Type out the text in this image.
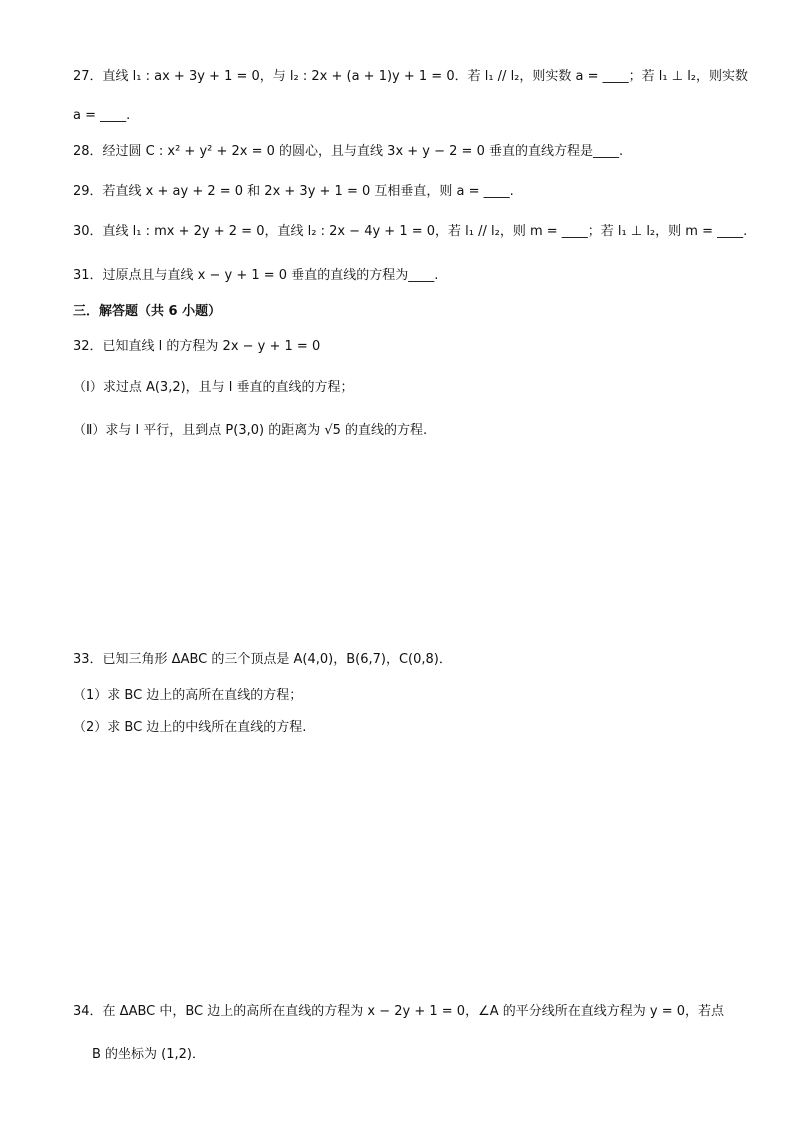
27．直线 l₁ : ax + 3y + 1 = 0，与 l₂ : 2x + (a + 1)y + 1 = 0．若 l₁ // l₂，则实数 a = ____；若 l₁ ⊥ l₂，则实数
a = ____.
28．经过圆 C : x² + y² + 2x = 0 的圆心，且与直线 3x + y − 2 = 0 垂直的直线方程是____.
29．若直线 x + ay + 2 = 0 和 2x + 3y + 1 = 0 互相垂直，则 a = ____.
30．直线 l₁ : mx + 2y + 2 = 0，直线 l₂ : 2x − 4y + 1 = 0，若 l₁ // l₂，则 m = ____；若 l₁ ⊥ l₂，则 m = ____.
31．过原点且与直线 x − y + 1 = 0 垂直的直线的方程为____.
三．解答题（共 6 小题）
32．已知直线 l 的方程为 2x − y + 1 = 0
（Ⅰ）求过点 A(3,2)，且与 l 垂直的直线的方程；
（Ⅱ）求与 l 平行，且到点 P(3,0) 的距离为 √5 的直线的方程.
33．已知三角形 ΔABC 的三个顶点是 A(4,0)，B(6,7)，C(0,8)．
（1）求 BC 边上的高所在直线的方程；
（2）求 BC 边上的中线所在直线的方程.
34．在 ΔABC 中，BC 边上的高所在直线的方程为 x − 2y + 1 = 0，∠A 的平分线所在直线方程为 y = 0，若点
B 的坐标为 (1,2)．
